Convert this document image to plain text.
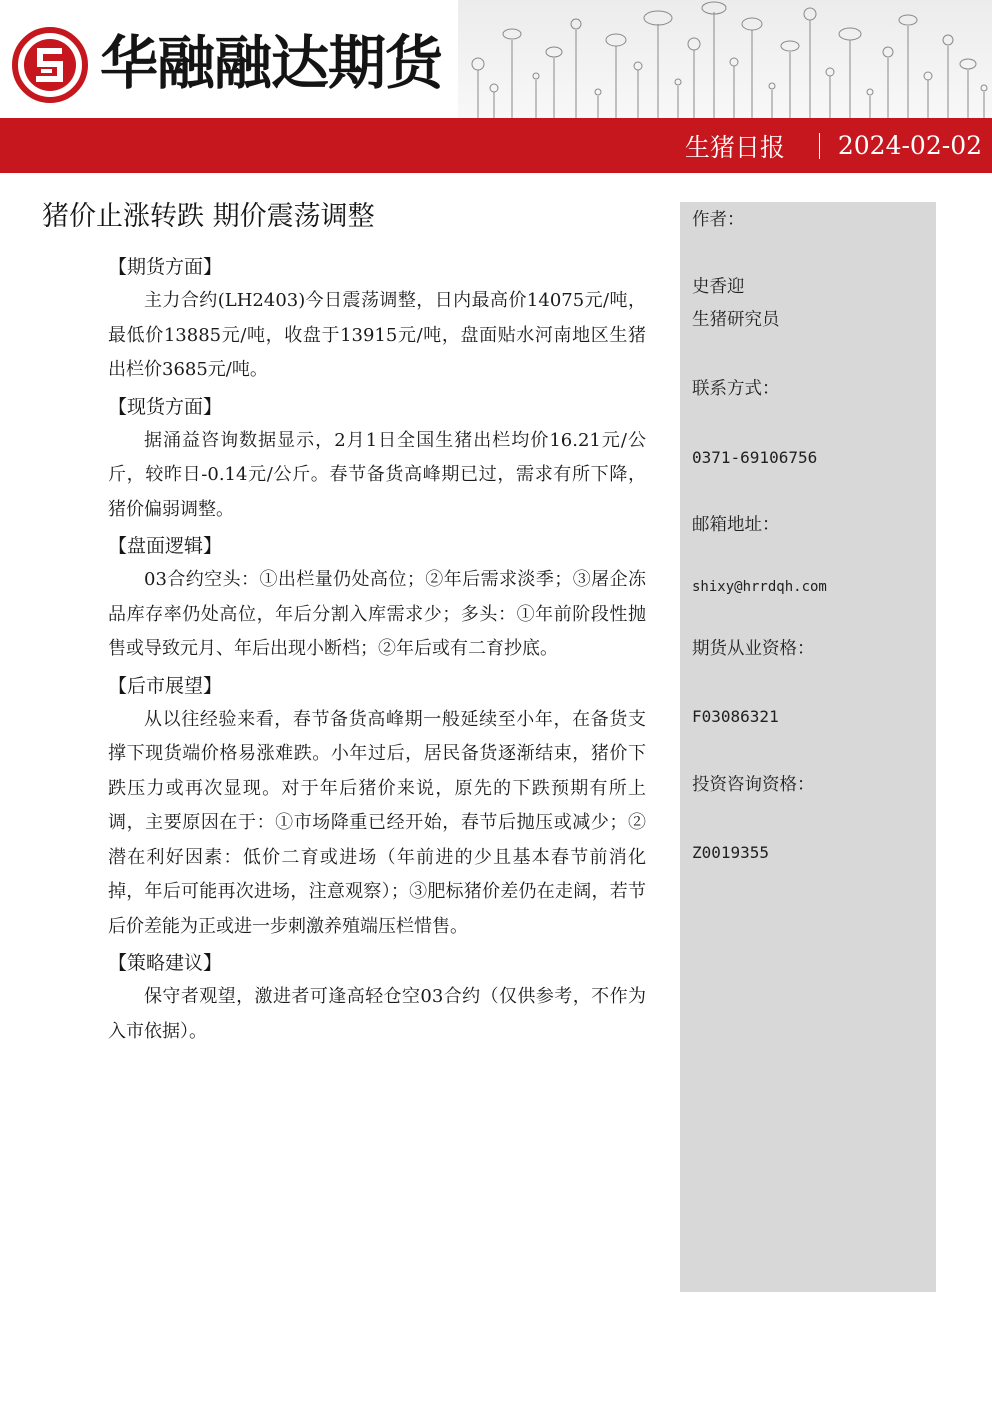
华融融达期货
生猪日报 2024-02-02
猪价止涨转跌 期价震荡调整

【期货方面】

主力合约(LH2403)今日震荡调整，日内最高价14075元/吨，最低价13885元/吨，收盘于13915元/吨，盘面贴水河南地区生猪出栏价3685元/吨。

【现货方面】

据涌益咨询数据显示，2月1日全国生猪出栏均价16.21元/公斤，较昨日-0.14元/公斤。春节备货高峰期已过，需求有所下降，猪价偏弱调整。

【盘面逻辑】

03合约空头：①出栏量仍处高位；②年后需求淡季；③屠企冻品库存率仍处高位，年后分割入库需求少；多头：①年前阶段性抛售或导致元月、年后出现小断档；②年后或有二育抄底。

【后市展望】

从以往经验来看，春节备货高峰期一般延续至小年，在备货支撑下现货端价格易涨难跌。小年过后，居民备货逐渐结束，猪价下跌压力或再次显现。对于年后猪价来说，原先的下跌预期有所上调，主要原因在于：①市场降重已经开始，春节后抛压或减少；②潜在利好因素：低价二育或进场（年前进的少且基本春节前消化掉，年后可能再次进场，注意观察）；③肥标猪价差仍在走阔，若节后价差能为正或进一步刺激养殖端压栏惜售。

【策略建议】

保守者观望，激进者可逢高轻仓空03合约（仅供参考，不作为入市依据）。

作者：
史香迎
生猪研究员
联系方式：
0371-69106756
邮箱地址：
shixy@hrrdqh.com
期货从业资格：
F03086321
投资咨询资格：
Z0019355
